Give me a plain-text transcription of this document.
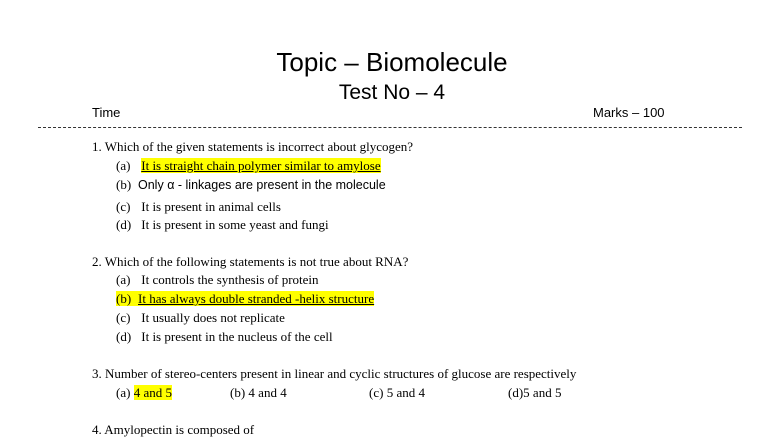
Topic – Biomolecule
Test No – 4
Time	Marks – 100
1. Which of the given statements is incorrect about glycogen?
(a) It is straight chain polymer similar to amylose
(b) Only α - linkages are present in the molecule
(c) It is present in animal cells
(d) It is present in some yeast and fungi
2. Which of the following statements is not true about RNA?
(a) It controls the synthesis of protein
(b) It has always double stranded -helix structure
(c) It usually does not replicate
(d) It is present in the nucleus of the cell
3. Number of stereo-centers present in linear and cyclic structures of glucose are respectively
(a) 4 and 5	(b) 4 and 4	(c) 5 and 4	(d)5 and 5
4. Amylopectin is composed of
